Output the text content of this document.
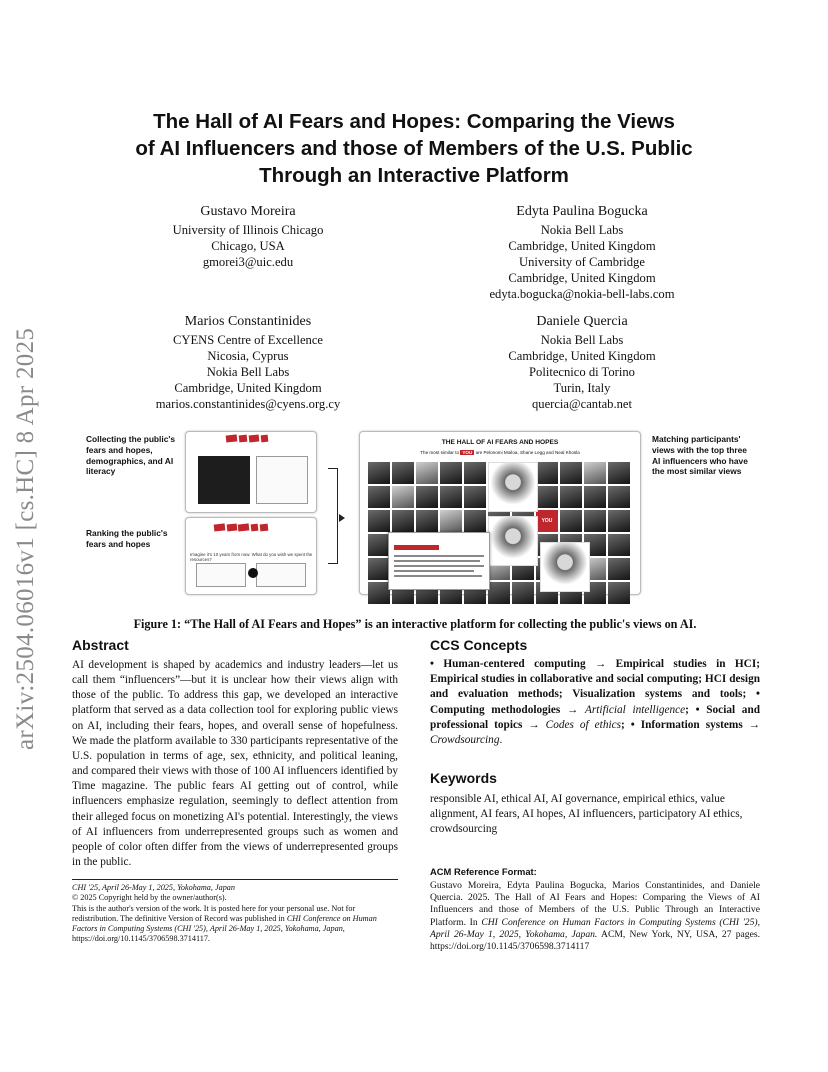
arXiv:2504.06016v1 [cs.HC] 8 Apr 2025
The Hall of AI Fears and Hopes: Comparing the Views
of AI Influencers and those of Members of the U.S. Public
Through an Interactive Platform
Gustavo Moreira
University of Illinois Chicago
Chicago, USA
gmorei3@uic.edu
Edyta Paulina Bogucka
Nokia Bell Labs
Cambridge, United Kingdom
University of Cambridge
Cambridge, United Kingdom
edyta.bogucka@nokia-bell-labs.com
Marios Constantinides
CYENS Centre of Excellence
Nicosia, Cyprus
Nokia Bell Labs
Cambridge, United Kingdom
marios.constantinides@cyens.org.cy
Daniele Quercia
Nokia Bell Labs
Cambridge, United Kingdom
Politecnico di Torino
Turin, Italy
quercia@cantab.net
Collecting the public's fears and hopes, demographics, and AI literacy
Ranking the public's fears and hopes
Matching participants' views with the top three AI influencers who have the most similar views

Imagine it's 10 years from now. What do you wish we spent the resources?
THE HALL OF AI FEARS AND HOPES
The most similar to YOU are Pelonomi Moiloa, Shane Legg and Neal Khosla
YOU
Figure 1: “The Hall of AI Fears and Hopes” is an interactive platform for collecting the public's views on AI.
Abstract

AI development is shaped by academics and industry leaders—let us call them “influencers”—but it is unclear how their views align with those of the public. To address this gap, we developed an interactive platform that served as a data collection tool for exploring public views on AI, including their fears, hopes, and overall sense of hopefulness. We made the platform available to 330 participants representative of the U.S. population in terms of age, sex, ethnicity, and political leaning, and compared their views with those of 100 AI influencers identified by Time magazine. The public fears AI getting out of control, while influencers emphasize regulation, seemingly to deflect attention from their alleged focus on monetizing AI's potential. Interestingly, the views of AI influencers from underrepresented groups such as women and people of color often differ from the views of underrepresented groups in the public.

CHI '25, April 26-May 1, 2025, Yokohama, Japan
© 2025 Copyright held by the owner/author(s).
This is the author's version of the work. It is posted here for your personal use. Not for redistribution. The definitive Version of Record was published in CHI Conference on Human Factors in Computing Systems (CHI '25), April 26-May 1, 2025, Yokohama, Japan, https://doi.org/10.1145/3706598.3714117.
CCS Concepts

• Human-centered computing → Empirical studies in HCI; Empirical studies in collaborative and social computing; HCI design and evaluation methods; Visualization systems and tools; • Computing methodologies → Artificial intelligence; • Social and professional topics → Codes of ethics; • Information systems → Crowdsourcing.

Keywords

responsible AI, ethical AI, AI governance, empirical ethics, value alignment, AI fears, AI hopes, AI influencers, participatory AI ethics, crowdsourcing

ACM Reference Format:

Gustavo Moreira, Edyta Paulina Bogucka, Marios Constantinides, and Daniele Quercia. 2025. The Hall of AI Fears and Hopes: Comparing the Views of AI Influencers and those of Members of the U.S. Public Through an Interactive Platform. In CHI Conference on Human Factors in Computing Systems (CHI '25), April 26-May 1, 2025, Yokohama, Japan. ACM, New York, NY, USA, 27 pages. https://doi.org/10.1145/3706598.3714117
